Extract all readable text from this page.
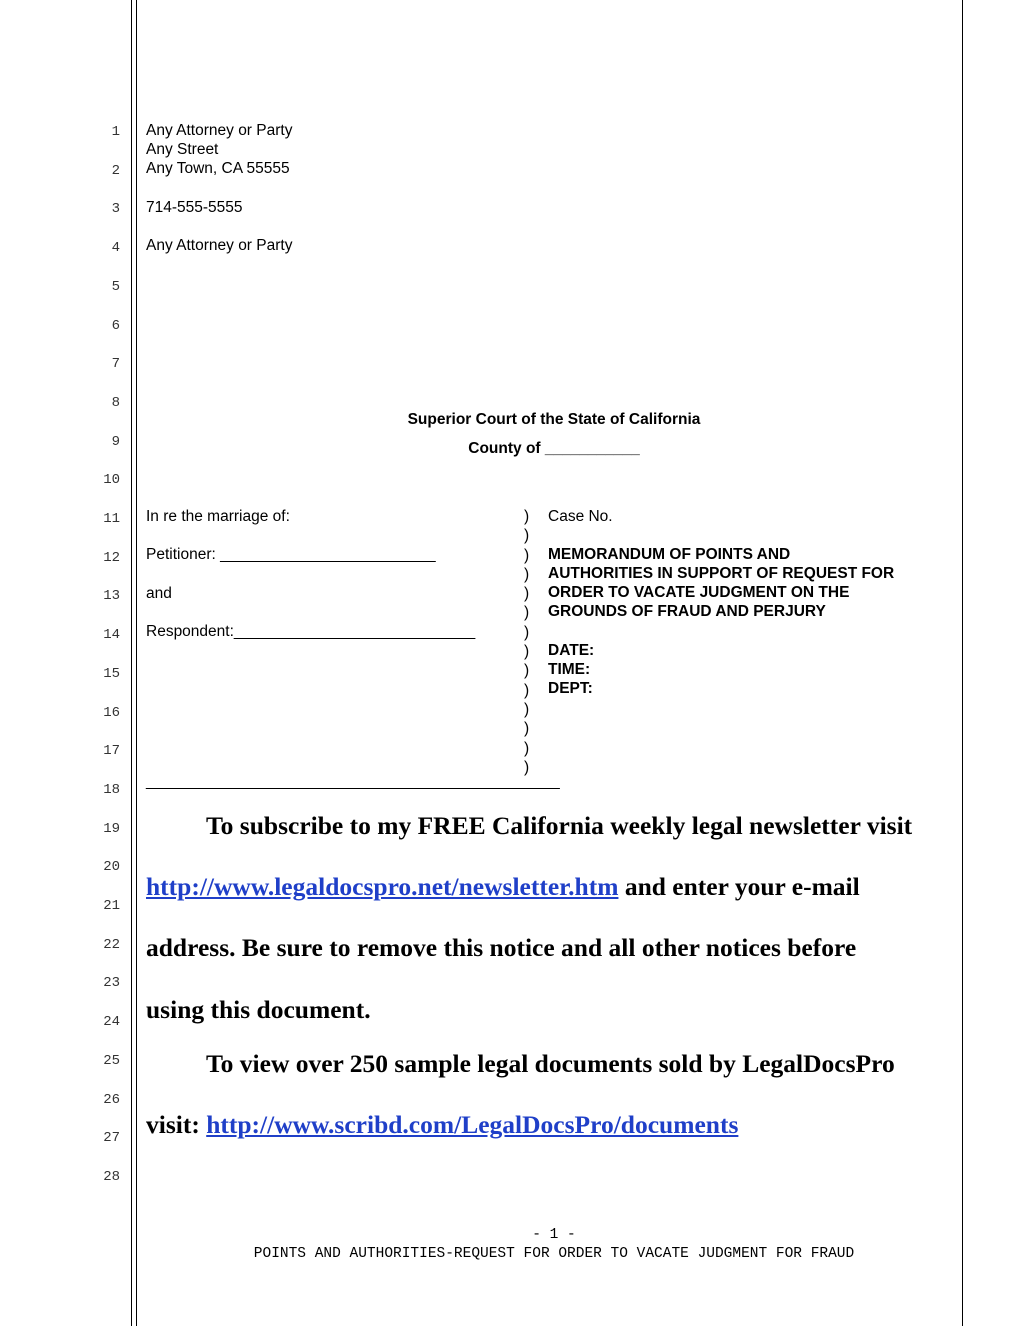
1
2
3
4
5
6
7
8
9
10
11
12
13
14
15
16
17
18
19
20
21
22
23
24
25
26
27
28
Any Attorney or Party
Any Street
Any Town, CA 55555
714-555-5555
Any Attorney or Party
Superior Court of the State of California
County of ___________
In re the marriage of:
Petitioner: _________________________
and
Respondent:____________________________
________________________________________________
)
)
)
)
)
)
)
)
)
)
)
)
)
)
Case No.
MEMORANDUM OF POINTS AND
AUTHORITIES IN SUPPORT OF REQUEST FOR
ORDER TO VACATE JUDGMENT ON THE
GROUNDS OF FRAUD AND PERJURY
DATE:
TIME:
DEPT:
To subscribe to my FREE California weekly legal newsletter visit
http://www.legaldocspro.net/newsletter.htm and enter your e-mail
address. Be sure to remove this notice and all other notices before
using this document.
To view over 250 sample legal documents sold by LegalDocsPro
visit: http://www.scribd.com/LegalDocsPro/documents
- 1 -
POINTS AND AUTHORITIES-REQUEST FOR ORDER TO VACATE JUDGMENT FOR FRAUD
